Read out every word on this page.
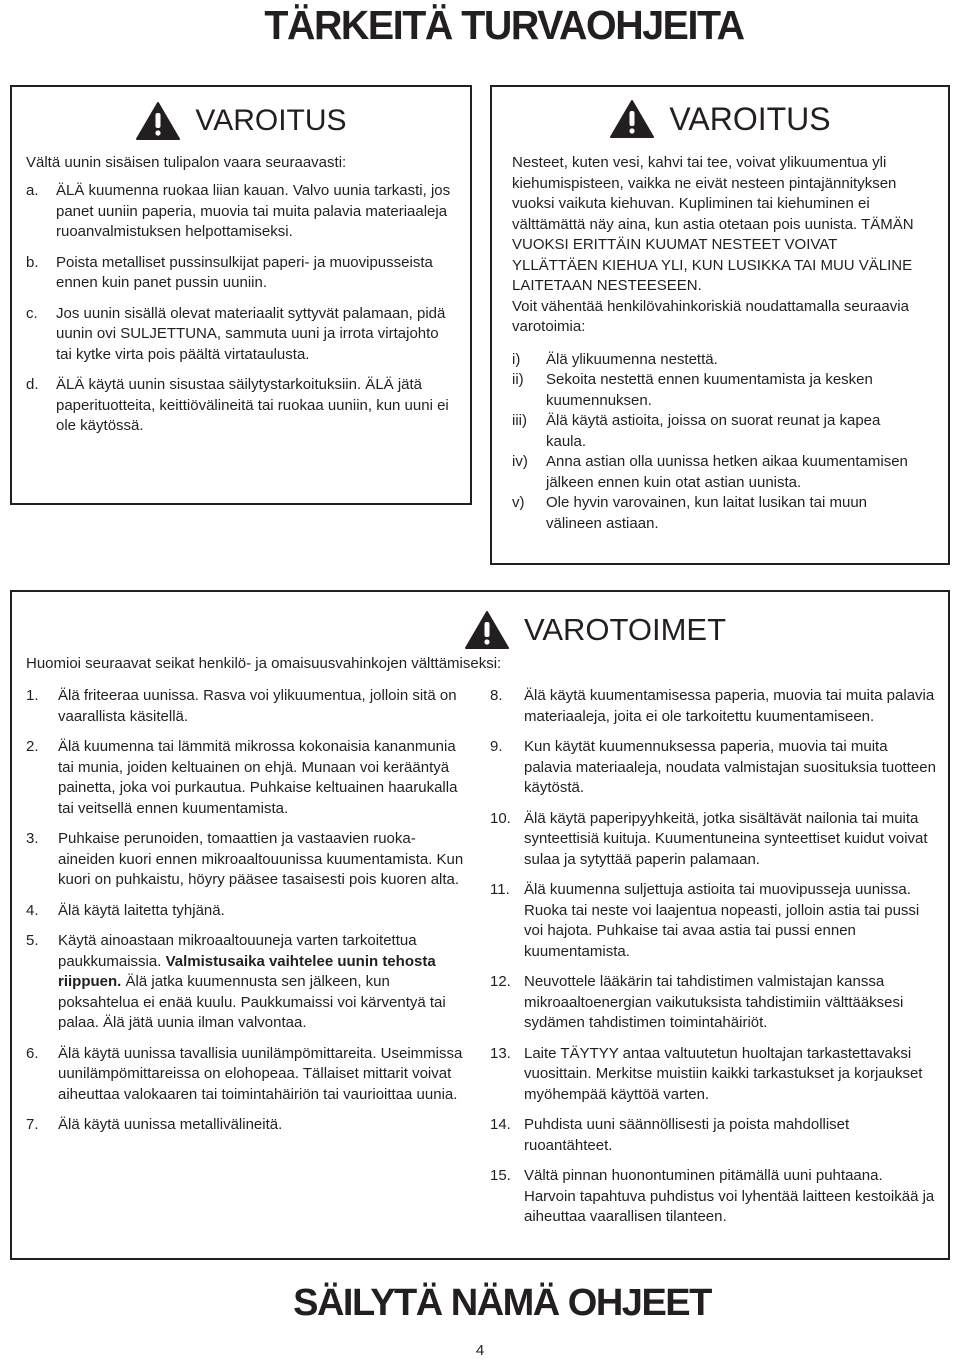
TÄRKEITÄ TURVAOHJEITA
VAROITUS
Vältä uunin sisäisen tulipalon vaara seuraavasti:
a.	ÄLÄ kuumenna ruokaa liian kauan. Valvo uunia tarkasti, jos panet uuniin paperia, muovia tai muita palavia materiaaleja ruoanvalmistuksen helpottamiseksi.
b.	Poista metalliset pussinsulkijat paperi- ja muovipusseista ennen kuin panet pussin uuniin.
c.	Jos uunin sisällä olevat materiaalit syttyvät palamaan, pidä uunin ovi SULJETTUNA, sammuta uuni ja irrota virtajohto tai kytke virta pois päältä virtataulusta.
d.	ÄLÄ käytä uunin sisustaa säilytystarkoituksiin. ÄLÄ jätä paperituotteita, keittiövälineitä tai ruokaa uuniin, kun uuni ei ole käytössä.
VAROITUS
Nesteet, kuten vesi, kahvi tai tee, voivat ylikuumentua yli kiehumispisteen, vaikka ne eivät nesteen pintajännityksen vuoksi vaikuta kiehuvan. Kupliminen tai kiehuminen ei välttämättä näy aina, kun astia otetaan pois uunista. TÄMÄN VUOKSI ERITTÄIN KUUMAT NESTEET VOIVAT YLLÄTTÄEN KIEHUA YLI, KUN LUSIKKA TAI MUU VÄLINE LAITETAAN NESTEESEEN.
Voit vähentää henkilövahinkoriskiä noudattamalla seuraavia varotoimia:
i)	Älä ylikuumenna nestettä.
ii)	Sekoita nestettä ennen kuumentamista ja kesken kuumennuksen.
iii)	Älä käytä astioita, joissa on suorat reunat ja kapea kaula.
iv)	Anna astian olla uunissa hetken aikaa kuumentamisen jälkeen ennen kuin otat astian uunista.
v)	Ole hyvin varovainen, kun laitat lusikan tai muun välineen astiaan.
VAROTOIMET
Huomioi seuraavat seikat henkilö- ja omaisuusvahinkojen välttämiseksi:
1.	Älä friteeraa uunissa. Rasva voi ylikuumentua, jolloin sitä on vaarallista käsitellä.
2.	Älä kuumenna tai lämmitä mikrossa kokonaisia kananmunia tai munia, joiden keltuainen on ehjä. Munaan voi kerääntyä painetta, joka voi purkautua. Puhkaise keltuainen haarukalla tai veitsellä ennen kuumentamista.
3.	Puhkaise perunoiden, tomaattien ja vastaavien ruoka-aineiden kuori ennen mikroaaltouunissa kuumentamista. Kun kuori on puhkaistu, höyry pääsee tasaisesti pois kuoren alta.
4.	Älä käytä laitetta tyhjänä.
5.	Käytä ainoastaan mikroaaltouuneja varten tarkoitettua paukkumaissia. Valmistusaika vaihtelee uunin tehosta riippuen. Älä jatka kuumennusta sen jälkeen, kun poksahtelua ei enää kuulu. Paukkumaissi voi kärventyä tai palaa. Älä jätä uunia ilman valvontaa.
6.	Älä käytä uunissa tavallisia uunilämpömittareita. Useimmissa uunilämpömittareissa on elohopeaa. Tällaiset mittarit voivat aiheuttaa valokaaren tai toimintahäiriön tai vaurioittaa uunia.
7.	Älä käytä uunissa metallivälineitä.
8.	Älä käytä kuumentamisessa paperia, muovia tai muita palavia materiaaleja, joita ei ole tarkoitettu kuumentamiseen.
9.	Kun käytät kuumennuksessa paperia, muovia tai muita palavia materiaaleja, noudata valmistajan suosituksia tuotteen käytöstä.
10. Älä käytä paperipyyhkeitä, jotka sisältävät nailonia tai muita synteettisiä kuituja. Kuumentuneina synteettiset kuidut voivat sulaa ja sytyttää paperin palamaan.
11. Älä kuumenna suljettuja astioita tai muovipusseja uunissa. Ruoka tai neste voi laajentua nopeasti, jolloin astia tai pussi voi hajota. Puhkaise tai avaa astia tai pussi ennen kuumentamista.
12. Neuvottele lääkärin tai tahdistimen valmistajan kanssa mikroaaltoenergian vaikutuksista tahdistimiin välttääksesi sydämen tahdistimen toimintahäiriöt.
13. Laite TÄYTYY antaa valtuutetun huoltajan tarkastettavaksi vuosittain. Merkitse muistiin kaikki tarkastukset ja korjaukset myöhempää käyttöä varten.
14. Puhdista uuni säännöllisesti ja poista mahdolliset ruoantähteet.
15. Vältä pinnan huonontuminen pitämällä uuni puhtaana. Harvoin tapahtuva puhdistus voi lyhentää laitteen kestoikää ja aiheuttaa vaarallisen tilanteen.
SÄILYTÄ NÄMÄ OHJEET
4
